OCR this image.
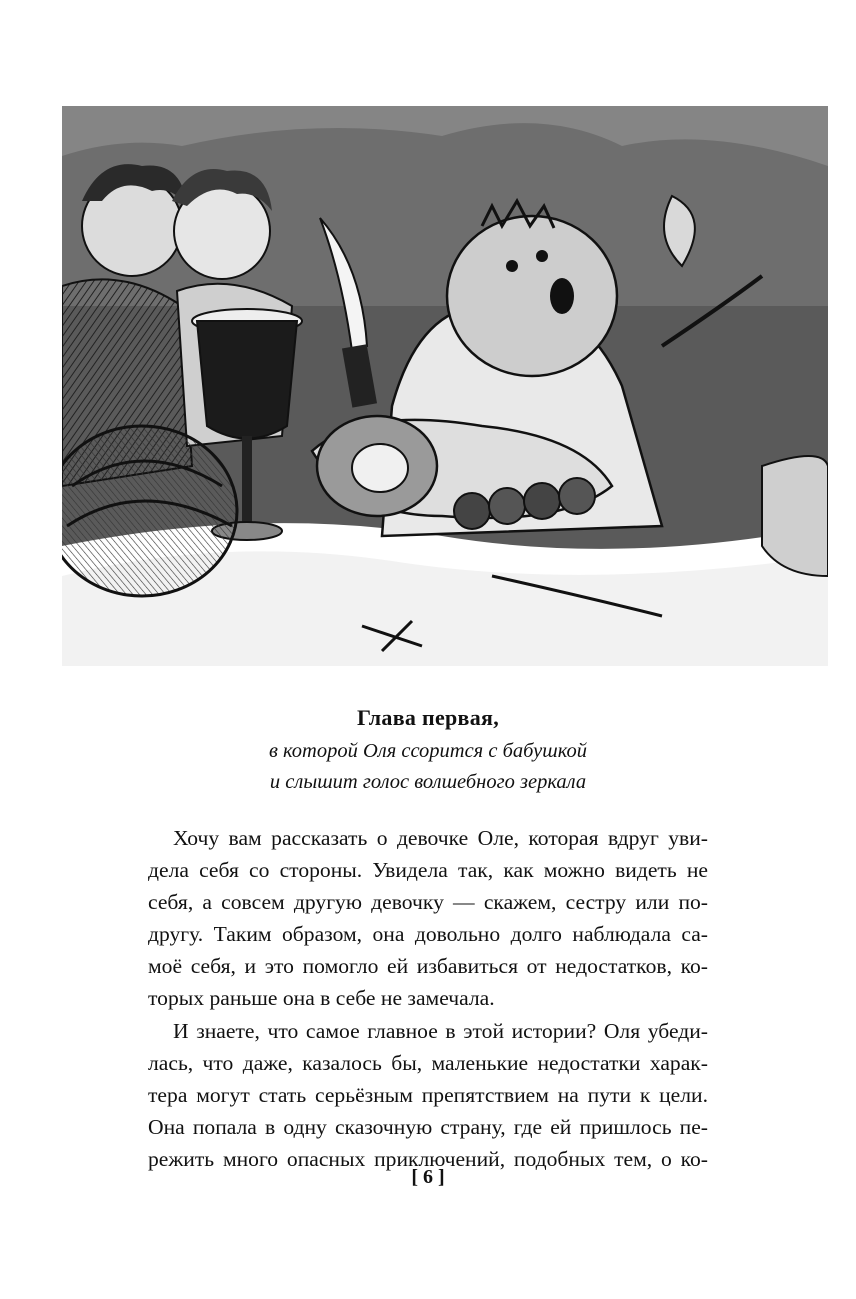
Глава первая,
в которой Оля ссорится с бабушкой
и слышит голос волшебного зеркала
Хочу вам рассказать о девочке Оле, которая вдруг уви-
дела себя со стороны. Увидела так, как можно видеть не
себя, а совсем другую девочку — скажем, сестру или по-
другу. Таким образом, она довольно долго наблюдала са-
моё себя, и это помогло ей избавиться от недостатков, ко-
торых раньше она в себе не замечала.
И знаете, что самое главное в этой истории? Оля убеди-
лась, что даже, казалось бы, маленькие недостатки харак-
тера могут стать серьёзным препятствием на пути к цели.
Она попала в одну сказочную страну, где ей пришлось пе-
режить много опасных приключений, подобных тем, о ко-
[ 6 ]
